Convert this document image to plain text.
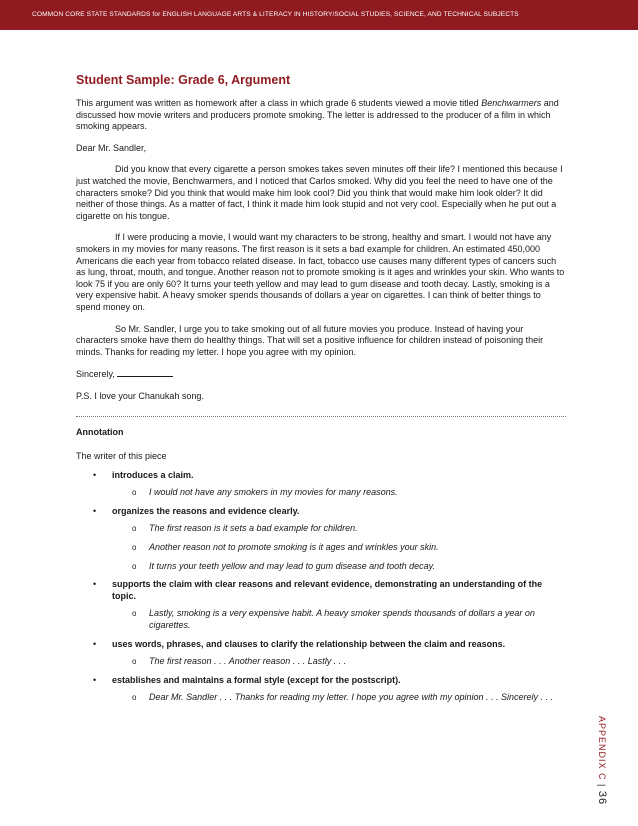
COMMON CORE STATE STANDARDS for ENGLISH LANGUAGE ARTS & LITERACY IN HISTORY/SOCIAL STUDIES, SCIENCE, AND TECHNICAL SUBJECTS
Student Sample: Grade 6, Argument

This argument was written as homework after a class in which grade 6 students viewed a movie titled Benchwarmers and discussed how movie writers and producers promote smoking. The letter is addressed to the producer of a film in which smoking appears.

Dear Mr. Sandler,

Did you know that every cigarette a person smokes takes seven minutes off their life? I mentioned this because I just watched the movie, Benchwarmers, and I noticed that Carlos smoked. Why did you feel the need to have one of the characters smoke? Did you think that would make him look cool? Did you think that would make him look older? It did neither of those things. As a matter of fact, I think it made him look stupid and not very cool. Especially when he put out a cigarette on his tongue.

If I were producing a movie, I would want my characters to be strong, healthy and smart. I would not have any smokers in my movies for many reasons. The first reason is it sets a bad example for children. An estimated 450,000 Americans die each year from tobacco related disease. In fact, tobacco use causes many different types of cancers such as lung, throat, mouth, and tongue. Another reason not to promote smoking is it ages and wrinkles your skin. Who wants to look 75 if you are only 60? It turns your teeth yellow and may lead to gum disease and tooth decay. Lastly, smoking is a very expensive habit. A heavy smoker spends thousands of dollars a year on cigarettes. I can think of better things to spend money on.

So Mr. Sandler, I urge you to take smoking out of all future movies you produce. Instead of having your characters smoke have them do healthy things. That will set a positive influence for children instead of poisoning their minds. Thanks for reading my letter. I hope you agree with my opinion.

Sincerely,

P.S. I love your Chanukah song.

Annotation
The writer of this piece
• introduces a claim.
o I would not have any smokers in my movies for many reasons.
• organizes the reasons and evidence clearly.
o The first reason is it sets a bad example for children.
o Another reason not to promote smoking is it ages and wrinkles your skin.
o It turns your teeth yellow and may lead to gum disease and tooth decay.
• supports the claim with clear reasons and relevant evidence, demonstrating an understanding of the topic.
o Lastly, smoking is a very expensive habit. A heavy smoker spends thousands of dollars a year on cigarettes.
• uses words, phrases, and clauses to clarify the relationship between the claim and reasons.
o The first reason . . . Another reason . . . Lastly . . .
• establishes and maintains a formal style (except for the postscript).
o Dear Mr. Sandler . . . Thanks for reading my letter. I hope you agree with my opinion . . . Sincerely . . .
APPENDIX C | 36
